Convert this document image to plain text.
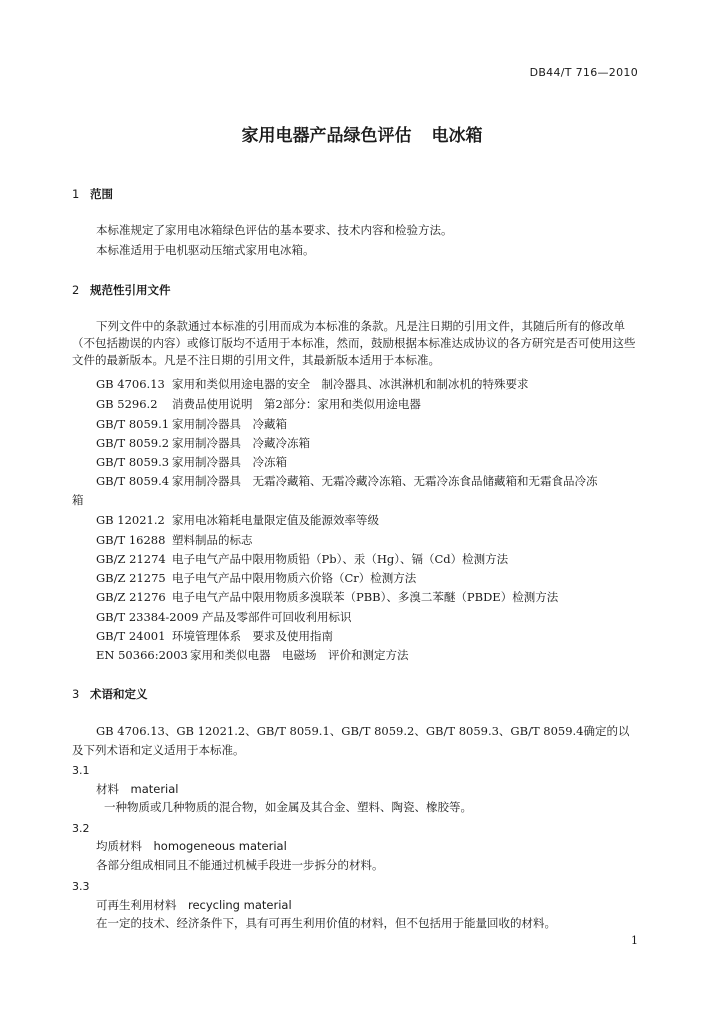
DB44/T 716—2010
家用电器产品绿色评估 电冰箱
1 范围
本标准规定了家用电冰箱绿色评估的基本要求、技术内容和检验方法。
本标准适用于电机驱动压缩式家用电冰箱。
2 规范性引用文件
下列文件中的条款通过本标准的引用而成为本标准的条款。凡是注日期的引用文件，其随后所有的修改单（不包括勘误的内容）或修订版均不适用于本标准，然而，鼓励根据本标准达成协议的各方研究是否可使用这些文件的最新版本。凡是不注日期的引用文件，其最新版本适用于本标准。
GB 4706.13 家用和类似用途电器的安全　制冷器具、冰淇淋机和制冰机的特殊要求
GB 5296.2 消费品使用说明　第2部分：家用和类似用途电器
GB/T 8059.1 家用制冷器具　冷藏箱
GB/T 8059.2 家用制冷器具　冷藏冷冻箱
GB/T 8059.3 家用制冷器具　冷冻箱
GB/T 8059.4 家用制冷器具　无霜冷藏箱、无霜冷藏冷冻箱、无霜冷冻食品储藏箱和无霜食品冷冻
箱
GB 12021.2 家用电冰箱耗电量限定值及能源效率等级
GB/T 16288 塑料制品的标志
GB/Z 21274 电子电气产品中限用物质铅（Pb）、汞（Hg）、镉（Cd）检测方法
GB/Z 21275 电子电气产品中限用物质六价铬（Cr）检测方法
GB/Z 21276 电子电气产品中限用物质多溴联苯（PBB）、多溴二苯醚（PBDE）检测方法
GB/T 23384-2009 产品及零部件可回收利用标识
GB/T 24001 环境管理体系　要求及使用指南
EN 50366:2003 家用和类似电器　电磁场　评价和测定方法
3 术语和定义
GB 4706.13、GB 12021.2、GB/T 8059.1、GB/T 8059.2、GB/T 8059.3、GB/T 8059.4确定的以及下列术语和定义适用于本标准。
3.1
材料　material
一种物质或几种物质的混合物，如金属及其合金、塑料、陶瓷、橡胶等。
3.2
均质材料　homogeneous material
各部分组成相同且不能通过机械手段进一步拆分的材料。
3.3
可再生利用材料　recycling material
在一定的技术、经济条件下，具有可再生利用价值的材料，但不包括用于能量回收的材料。
1
